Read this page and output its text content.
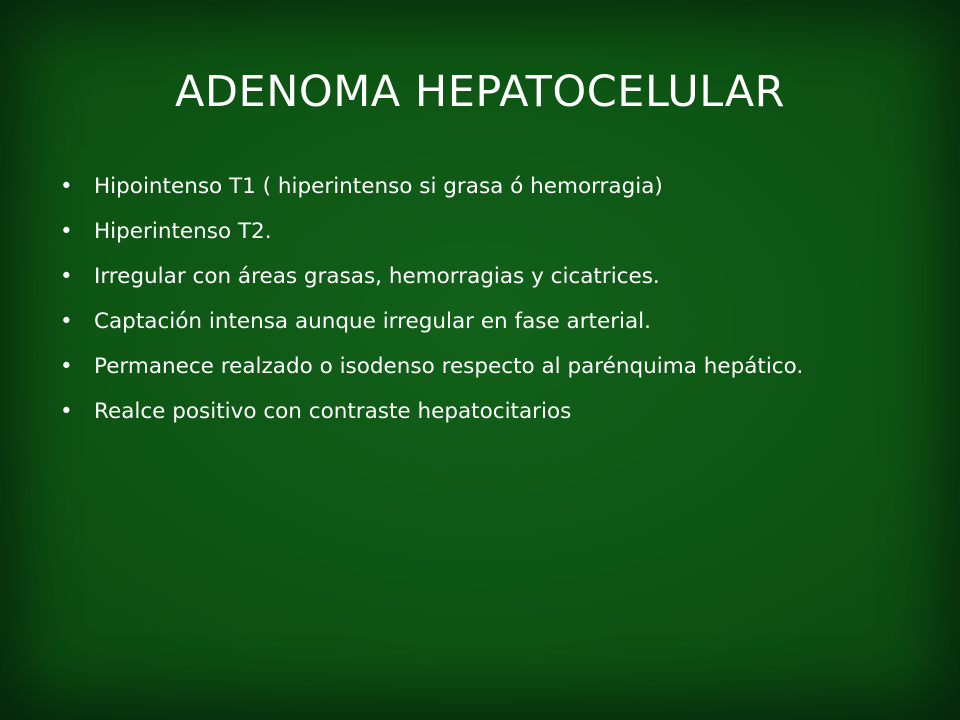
ADENOMA HEPATOCELULAR
• Hipointenso T1 ( hiperintenso si grasa ó hemorragia)
• Hiperintenso T2.
• Irregular con áreas grasas, hemorragias y cicatrices.
• Captación intensa aunque irregular en fase arterial.
• Permanece realzado o isodenso respecto al parénquima hepático.
• Realce positivo con contraste hepatocitarios
